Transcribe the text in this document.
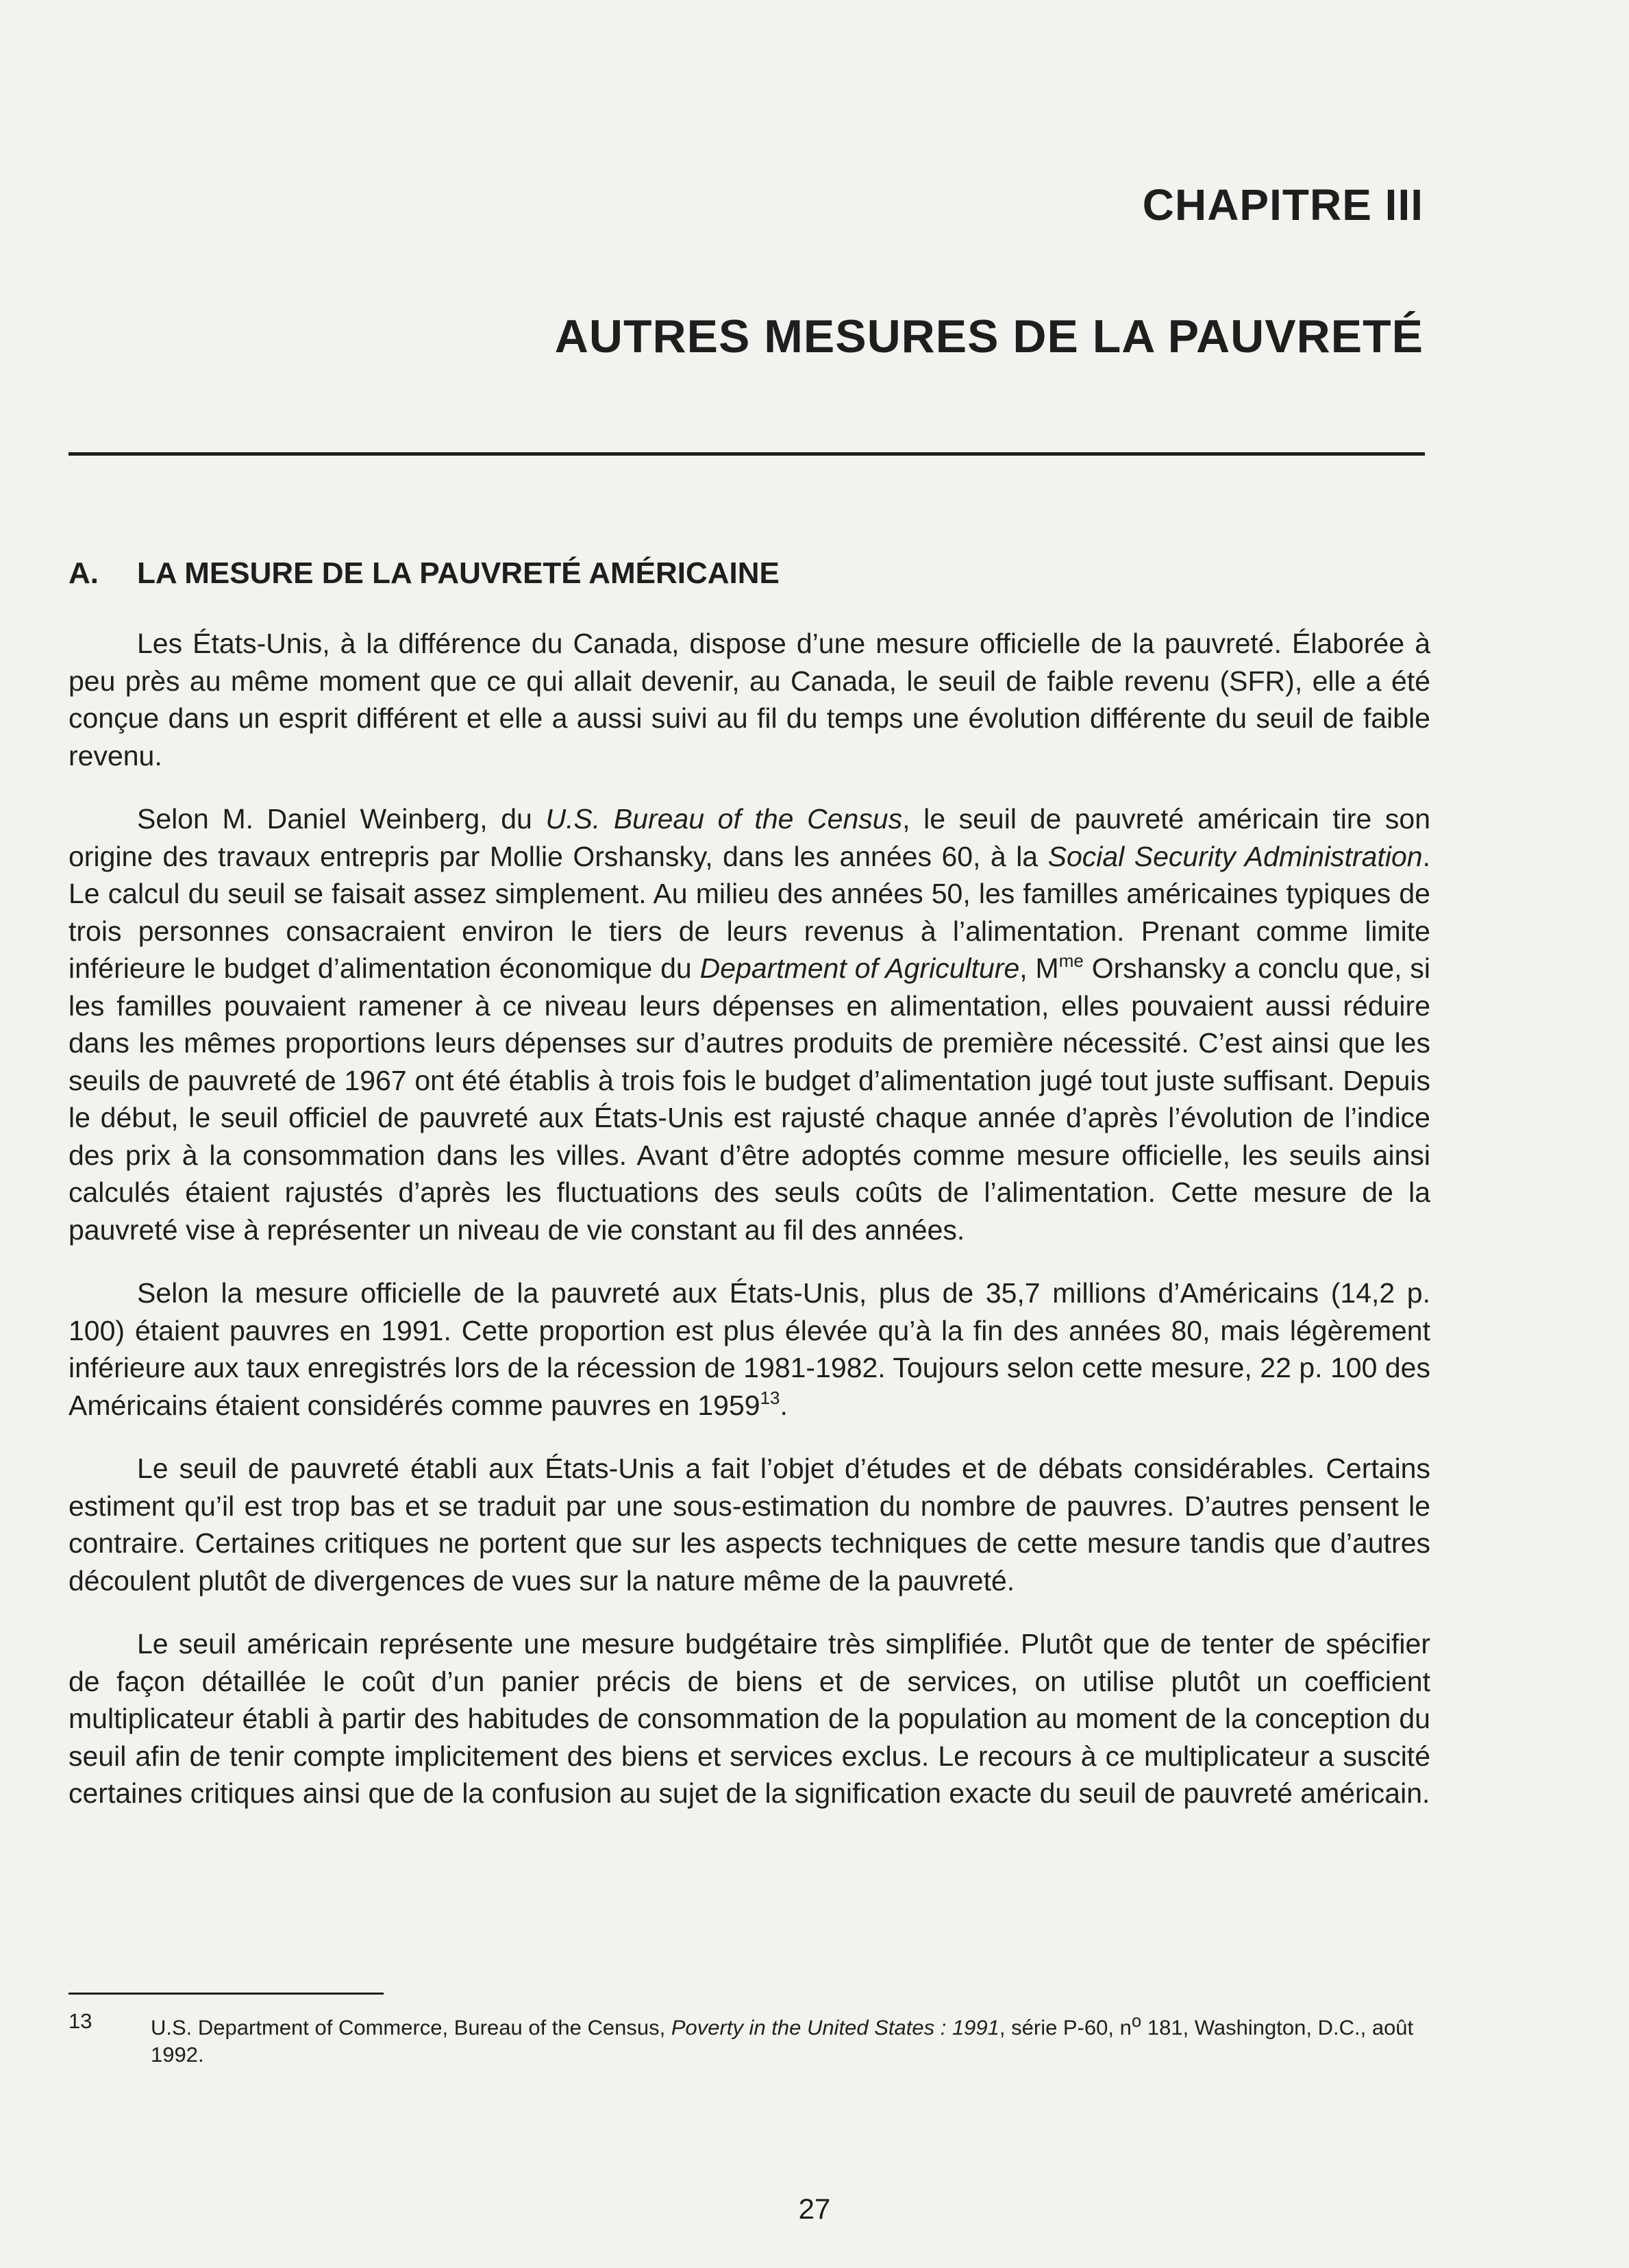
CHAPITRE III
AUTRES MESURES DE LA PAUVRETÉ
A. LA MESURE DE LA PAUVRETÉ AMÉRICAINE

Les États-Unis, à la différence du Canada, dispose d’une mesure officielle de la pauvreté. Élaborée à peu près au même moment que ce qui allait devenir, au Canada, le seuil de faible revenu (SFR), elle a été conçue dans un esprit différent et elle a aussi suivi au fil du temps une évolution différente du seuil de faible revenu.

Selon M. Daniel Weinberg, du U.S. Bureau of the Census, le seuil de pauvreté américain tire son origine des travaux entrepris par Mollie Orshansky, dans les années 60, à la Social Security Administration. Le calcul du seuil se faisait assez simplement. Au milieu des années 50, les familles américaines typiques de trois personnes consacraient environ le tiers de leurs revenus à l’alimentation. Prenant comme limite inférieure le budget d’alimentation économique du Department of Agriculture, $M^{me}$ Orshansky a conclu que, si les familles pouvaient ramener à ce niveau leurs dépenses en alimentation, elles pouvaient aussi réduire dans les mêmes proportions leurs dépenses sur d’autres produits de première nécessité. C’est ainsi que les seuils de pauvreté de 1967 ont été établis à trois fois le budget d’alimentation jugé tout juste suffisant. Depuis le début, le seuil officiel de pauvreté aux États-Unis est rajusté chaque année d’après l’évolution de l’indice des prix à la consommation dans les villes. Avant d’être adoptés comme mesure officielle, les seuils ainsi calculés étaient rajustés d’après les fluctuations des seuls coûts de l’alimentation. Cette mesure de la pauvreté vise à représenter un niveau de vie constant au fil des années.

Selon la mesure officielle de la pauvreté aux États-Unis, plus de 35,7 millions d’Américains (14,2 p. 100) étaient pauvres en 1991. Cette proportion est plus élevée qu’à la fin des années 80, mais légèrement inférieure aux taux enregistrés lors de la récession de 1981-1982. Toujours selon cette mesure, 22 p. 100 des Américains étaient considérés comme pauvres en 1959$^{13}$.

Le seuil de pauvreté établi aux États-Unis a fait l’objet d’études et de débats considérables. Certains estiment qu’il est trop bas et se traduit par une sous-estimation du nombre de pauvres. D’autres pensent le contraire. Certaines critiques ne portent que sur les aspects techniques de cette mesure tandis que d’autres découlent plutôt de divergences de vues sur la nature même de la pauvreté.

Le seuil américain représente une mesure budgétaire très simplifiée. Plutôt que de tenter de spécifier de façon détaillée le coût d’un panier précis de biens et de services, on utilise plutôt un coefficient multiplicateur établi à partir des habitudes de consommation de la population au moment de la conception du seuil afin de tenir compte implicitement des biens et services exclus. Le recours à ce multiplicateur a suscité certaines critiques ainsi que de la confusion au sujet de la signification exacte du seuil de pauvreté américain.

13	U.S. Department of Commerce, Bureau of the Census, Poverty in the United States : 1991, série P-60, $n^o$ 181, Washington, D.C., août 1992.
27
